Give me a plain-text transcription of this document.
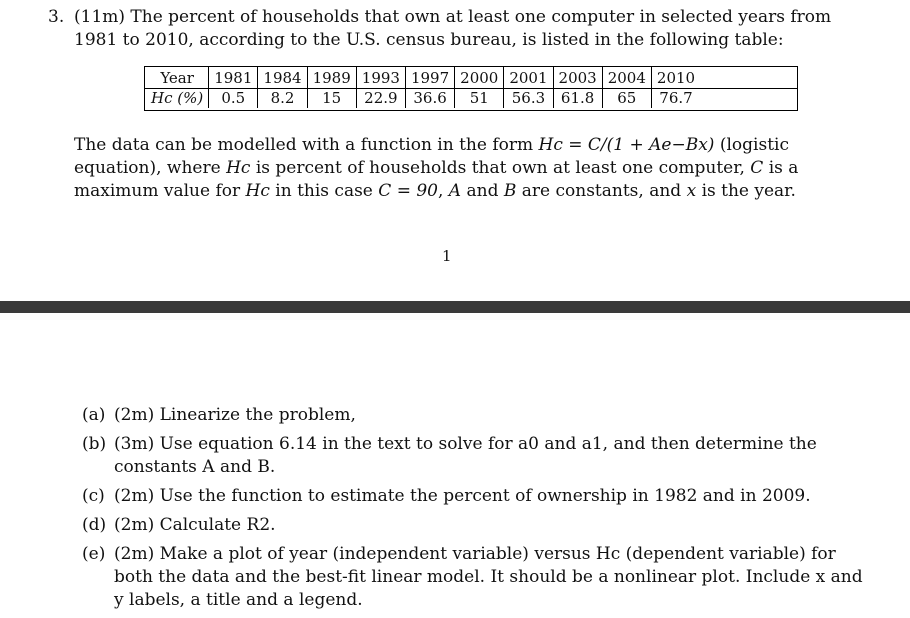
3. (11m) The percent of households that own at least one computer in selected years from 1981 to 2010, according to the U.S. census bureau, is listed in the following table:
Year	1981	1984	1989	1993	1997	2000	2001	2003	2004	2010
Hc (%)	0.5	8.2	15	22.9	36.6	51	56.3	61.8	65	76.7
The data can be modelled with a function in the form Hc = C/(1 + Ae−Bx) (logistic equation), where Hc is percent of households that own at least one computer, C is a maximum value for Hc in this case C = 90, A and B are constants, and x is the year.
1
(a) (2m) Linearize the problem,
(b) (3m) Use equation 6.14 in the text to solve for a0 and a1, and then determine the constants A and B.
(c) (2m) Use the function to estimate the percent of ownership in 1982 and in 2009.
(d) (2m) Calculate R2.
(e) (2m) Make a plot of year (independent variable) versus Hc (dependent variable) for both the data and the best-fit linear model. It should be a nonlinear plot. Include x and y labels, a title and a legend.
